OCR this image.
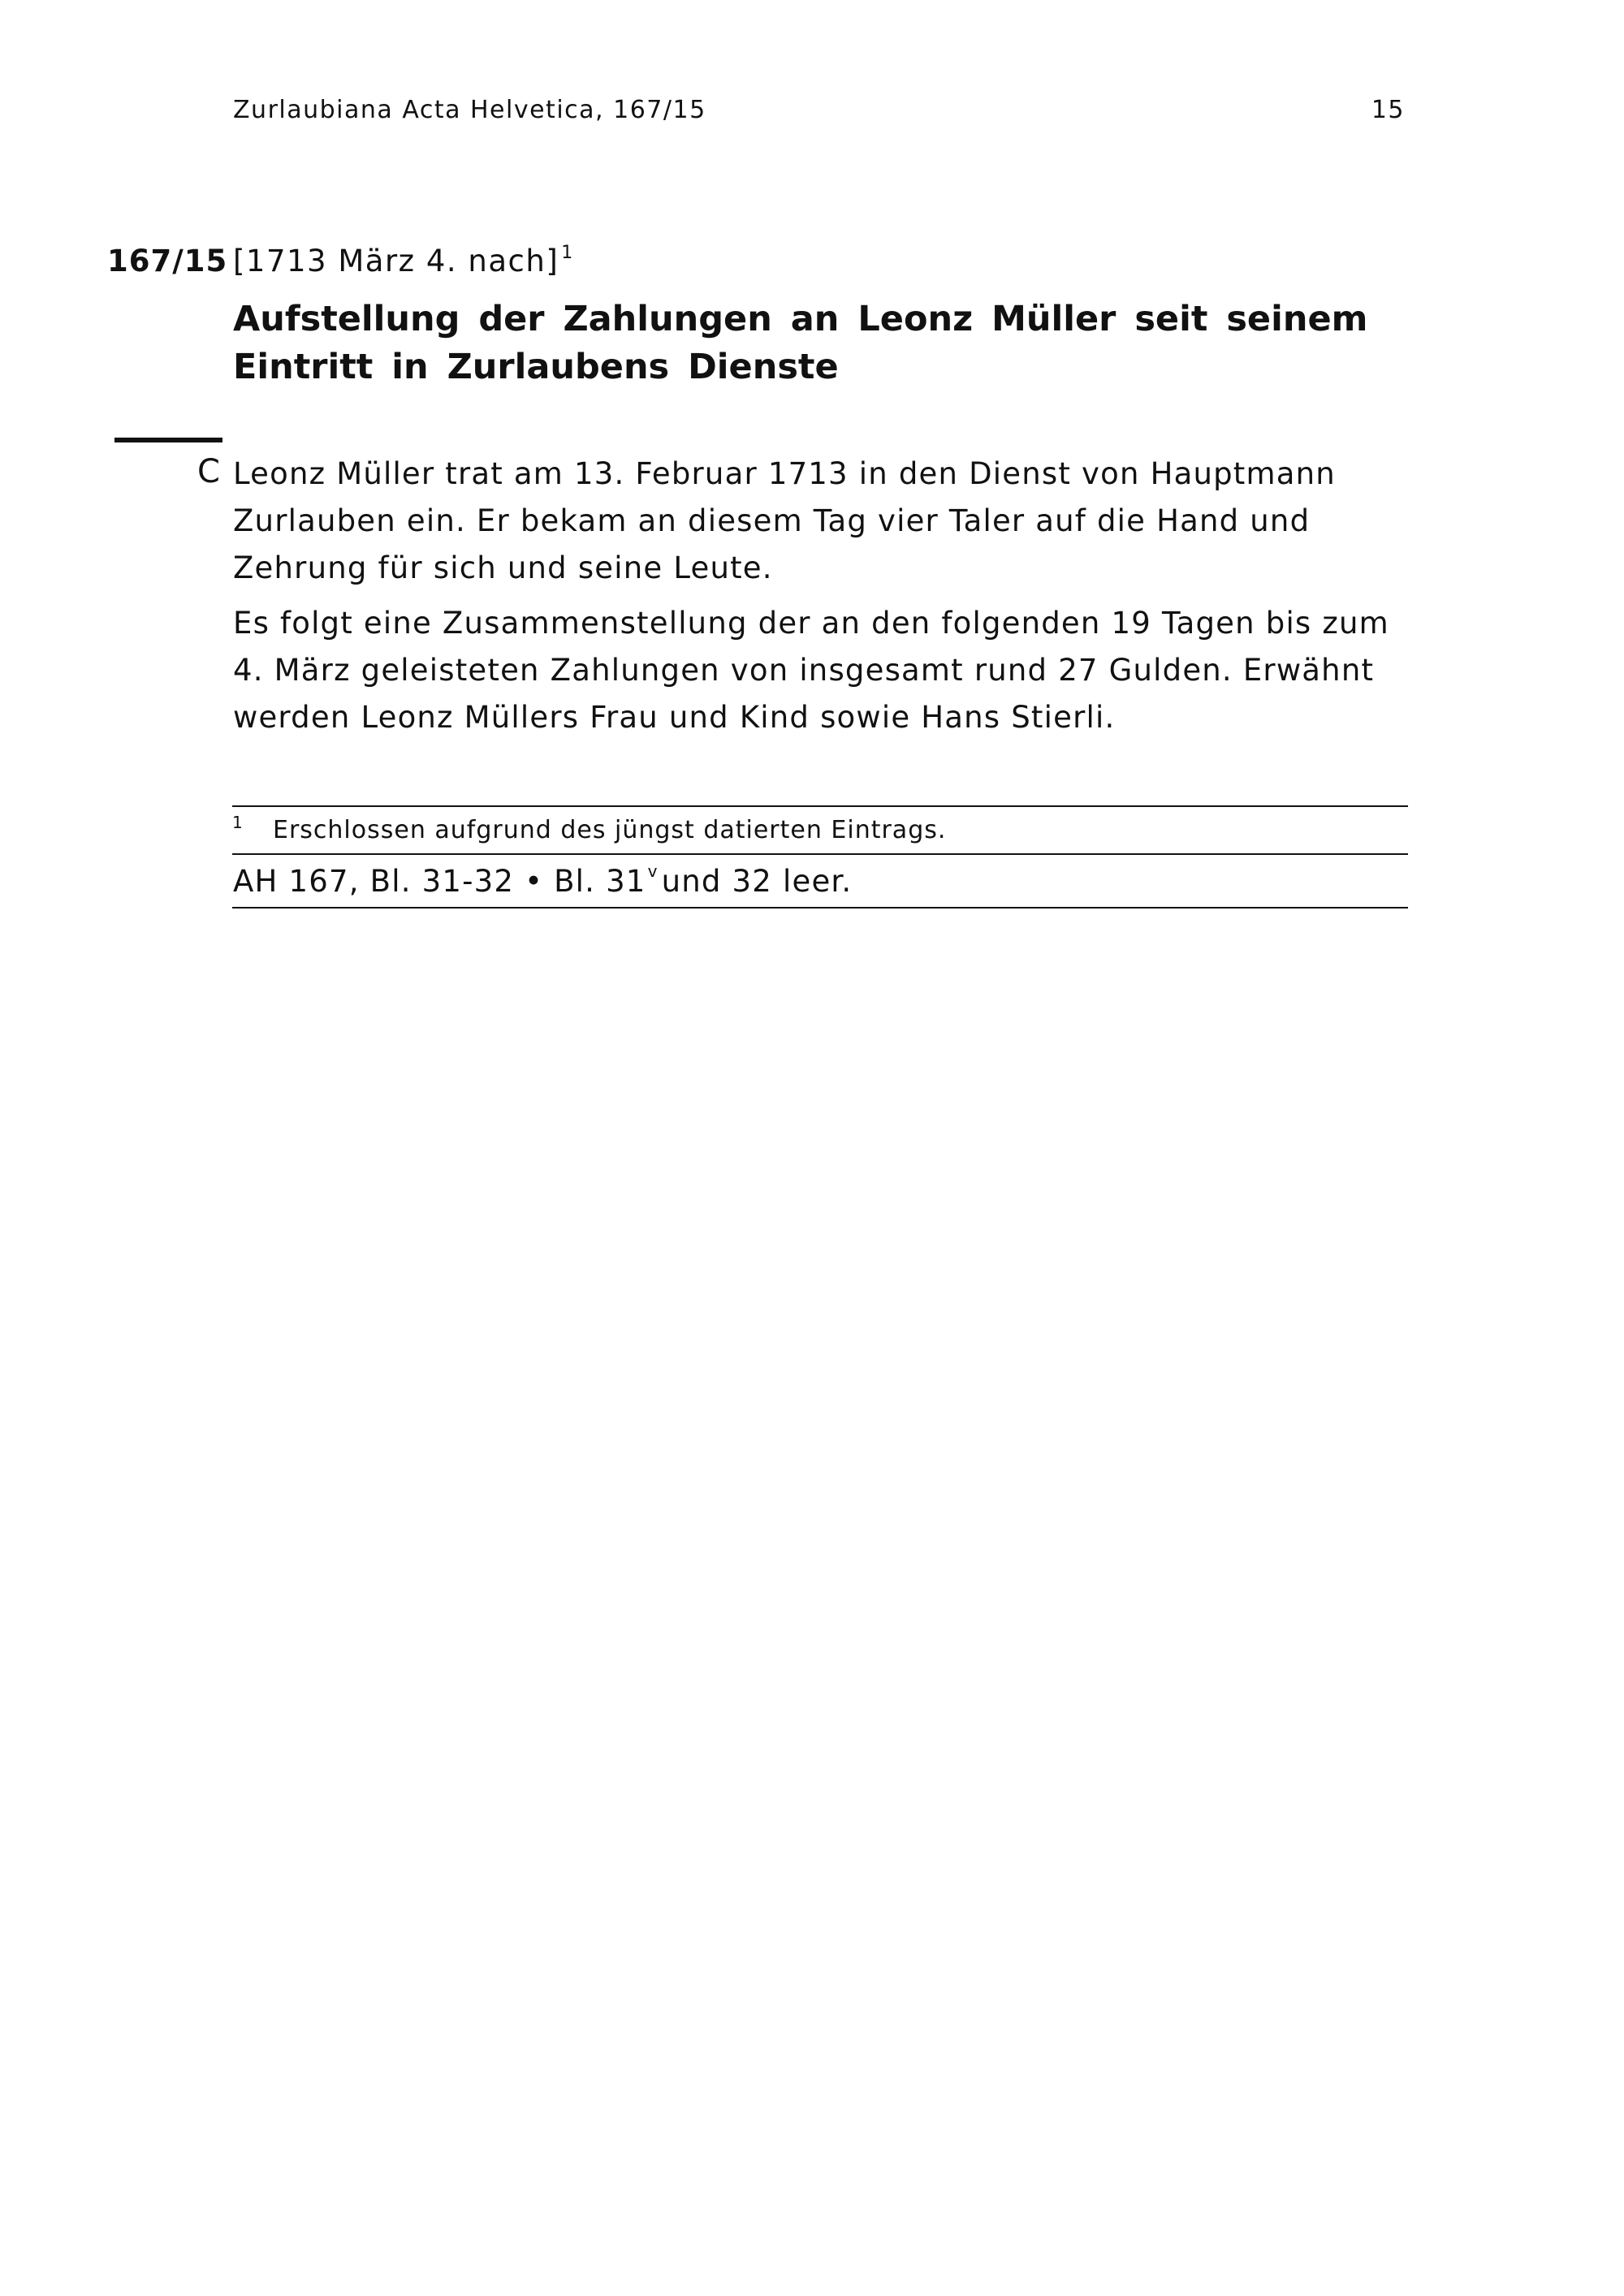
Zurlaubiana Acta Helvetica, 167/15	15
167/15 [1713 März 4. nach] $^1$
Aufstellung der Zahlungen an Leonz Müller seit seinem Eintritt in Zurlaubens Dienste
C Leonz Müller trat am 13. Februar 1713 in den Dienst von Hauptmann Zurlauben ein. Er bekam an diesem Tag vier Taler auf die Hand und Zehrung für sich und seine Leute.

Es folgt eine Zusammenstellung der an den folgenden 19 Tagen bis zum 4. März geleisteten Zahlungen von insgesamt rund 27 Gulden. Erwähnt werden Leonz Müllers Frau und Kind sowie Hans Stierli.

1 Erschlossen aufgrund des jüngst datierten Eintrags.
AH 167, Bl. 31-32 • Bl. 31 $^v$ und 32 leer.
